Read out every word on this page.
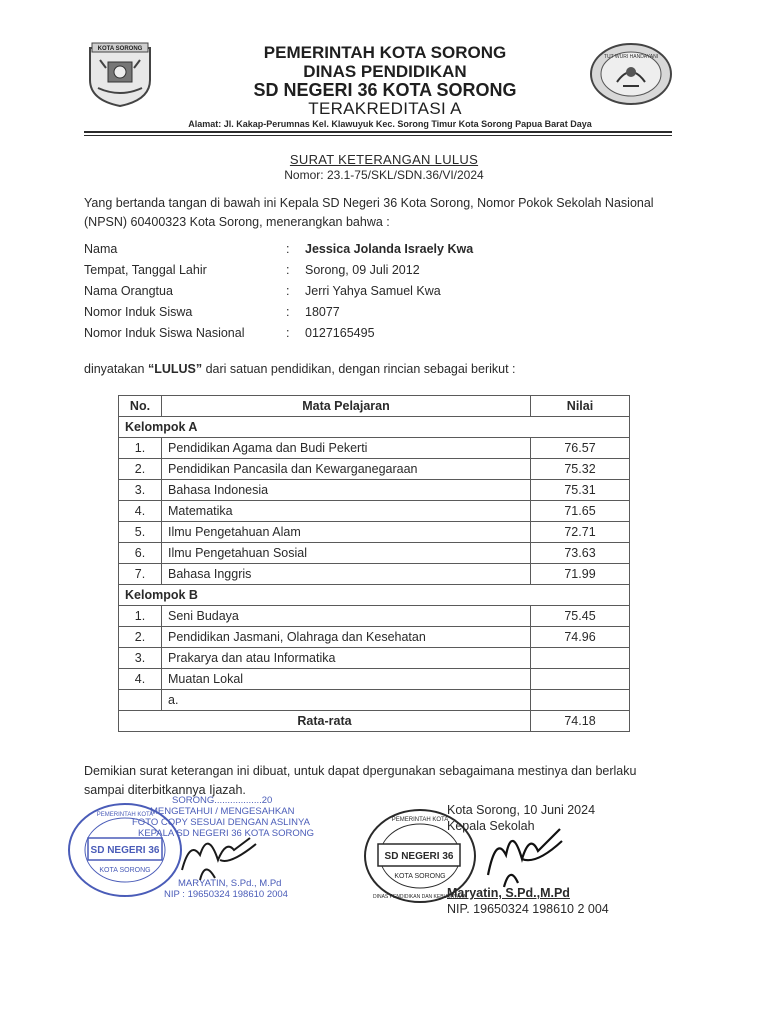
KOTA SORONG
TUT WURI HANDAYANI
PEMERINTAH KOTA SORONG
DINAS PENDIDIKAN
SD NEGERI 36 KOTA SORONG
TERAKREDITASI A
Alamat: Jl. Kakap-Perumnas Kel. Klawuyuk Kec. Sorong Timur Kota Sorong Papua Barat Daya
SURAT KETERANGAN LULUS
Nomor: 23.1-75/SKL/SDN.36/VI/2024
Yang bertanda tangan di bawah ini Kepala SD Negeri 36 Kota Sorong, Nomor Pokok Sekolah Nasional (NPSN) 60400323 Kota Sorong, menerangkan bahwa :
Nama	: Jessica Jolanda Israely Kwa
Tempat, Tanggal Lahir	: Sorong, 09 Juli 2012
Nama Orangtua	: Jerri Yahya Samuel Kwa
Nomor Induk Siswa	: 18077
Nomor Induk Siswa Nasional	: 0127165495
dinyatakan “LULUS” dari satuan pendidikan, dengan rincian sebagai berikut :
No.	Mata Pelajaran	Nilai
Kelompok A		
1.	Pendidikan Agama dan Budi Pekerti	76.57
2.	Pendidikan Pancasila dan Kewarganegaraan	75.32
3.	Bahasa Indonesia	75.31
4.	Matematika	71.65
5.	Ilmu Pengetahuan Alam	72.71
6.	Ilmu Pengetahuan Sosial	73.63
7.	Bahasa Inggris	71.99
Kelompok B		
1.	Seni Budaya	75.45
2.	Pendidikan Jasmani, Olahraga dan Kesehatan	74.96
3.	Prakarya dan atau Informatika	
4.	Muatan Lokal	
	a.	
Rata-rata		74.18
Demikian surat keterangan ini dibuat, untuk dapat dpergunakan sebagaimana mestinya dan berlaku sampai diterbitkannya Ijazah.
SD NEGERI 36
KOTA SORONG
PEMERINTAH KOTA
SORONG..................20
MENGETAHUI / MENGESAHKAN
FOTO COPY SESUAI DENGAN ASLINYA
KEPALA SD NEGERI 36 KOTA SORONG
MARYATIN, S.Pd., M.Pd
NIP : 19650324 198610 2004
Kota Sorong, 10 Juni 2024
Kepala Sekolah
SD NEGERI 36
KOTA SORONG
PEMERINTAH KOTA
DINAS PENDIDIKAN DAN KEBUDAYAAN
Maryatin, S.Pd.,M.Pd
NIP. 19650324 198610 2 004
